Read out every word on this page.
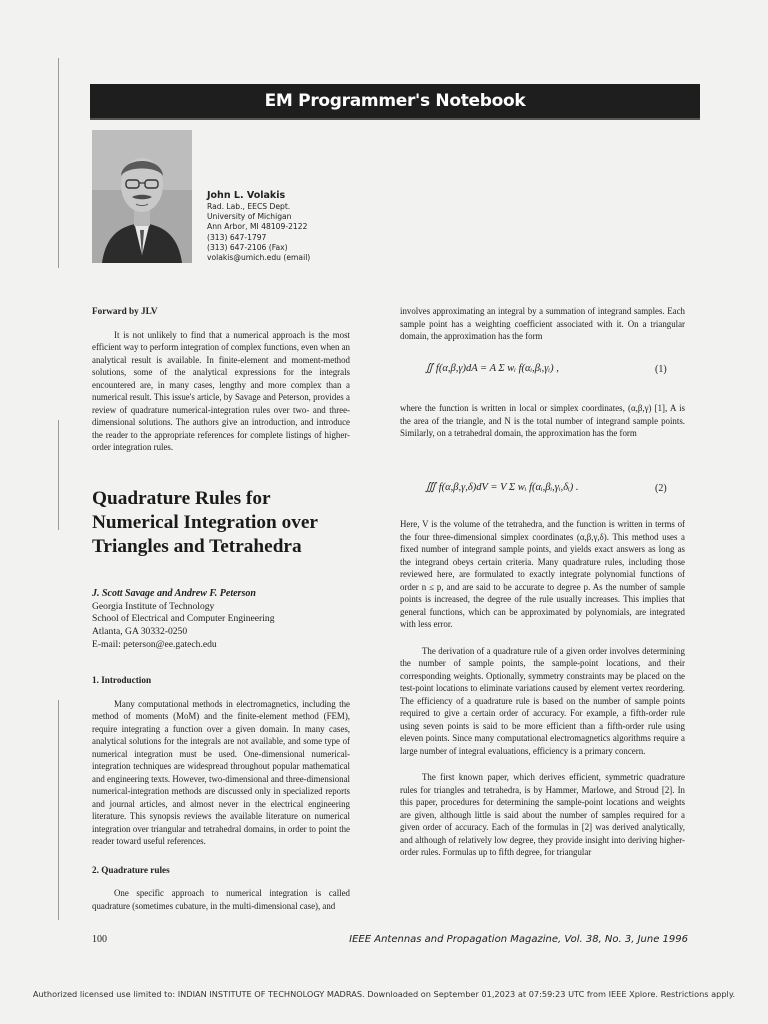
EM Programmer's Notebook
John L. Volakis
Rad. Lab., EECS Dept.
University of Michigan
Ann Arbor, MI 48109-2122
(313) 647-1797
(313) 647-2106 (Fax)
volakis@umich.edu (email)

Forward by JLV

It is not unlikely to find that a numerical approach is the most efficient way to perform integration of complex functions, even when an analytical result is available. In finite-element and moment-method solutions, some of the analytical expressions for the integrals encountered are, in many cases, lengthy and more complex than a numerical result. This issue's article, by Savage and Peterson, provides a review of quadrature numerical-integration rules over two- and three-dimensional solutions. The authors give an introduction, and introduce the reader to the appropriate references for complete listings of higher-order integration rules.

Quadrature Rules for
Numerical Integration over
Triangles and Tetrahedra
J. Scott Savage and Andrew F. Peterson
Georgia Institute of Technology
School of Electrical and Computer Engineering
Atlanta, GA 30332-0250
E-mail: peterson@ee.gatech.edu

1. Introduction

Many computational methods in electromagnetics, including the method of moments (MoM) and the finite-element method (FEM), require integrating a function over a given domain. In many cases, analytical solutions for the integrals are not available, and some type of numerical integration must be used. One-dimensional numerical-integration techniques are widespread throughout popular mathematical and engineering texts. However, two-dimensional and three-dimensional numerical-integration methods are discussed only in specialized reports and journal articles, and almost never in the electrical engineering literature. This synopsis reviews the available literature on numerical integration over triangular and tetrahedral domains, in order to point the reader toward useful references.

2. Quadrature rules

One specific approach to numerical integration is called quadrature (sometimes cubature, in the multi-dimensional case), and

involves approximating an integral by a summation of integrand samples. Each sample point has a weighting coefficient associated with it. On a triangular domain, the approximation has the form

∬ f(α,β,γ)dA = A Σ wᵢ f(αᵢ,βᵢ,γᵢ) ,	(1)

where the function is written in local or simplex coordinates, (α,β,γ) [1], A is the area of the triangle, and N is the total number of integrand sample points. Similarly, on a tetrahedral domain, the approximation has the form

∭ f(α,β,γ,δ)dV = V Σ wᵢ f(αᵢ,βᵢ,γᵢ,δᵢ) .	(2)

Here, V is the volume of the tetrahedra, and the function is written in terms of the four three-dimensional simplex coordinates (α,β,γ,δ). This method uses a fixed number of integrand sample points, and yields exact answers as long as the integrand obeys certain criteria. Many quadrature rules, including those reviewed here, are formulated to exactly integrate polynomial functions of order n ≤ p, and are said to be accurate to degree p. As the number of sample points is increased, the degree of the rule usually increases. This implies that general functions, which can be approximated by polynomials, are integrated with less error.

The derivation of a quadrature rule of a given order involves determining the number of sample points, the sample-point locations, and their corresponding weights. Optionally, symmetry constraints may be placed on the test-point locations to eliminate variations caused by element vertex reordering. The efficiency of a quadrature rule is based on the number of sample points required to give a certain order of accuracy. For example, a fifth-order rule using seven points is said to be more efficient than a fifth-order rule using eleven points. Since many computational electromagnetics algorithms require a large number of integral evaluations, efficiency is a primary concern.

The first known paper, which derives efficient, symmetric quadrature rules for triangles and tetrahedra, is by Hammer, Marlowe, and Stroud [2]. In this paper, procedures for determining the sample-point locations and weights are given, although little is said about the number of samples required for a given order of accuracy. Each of the formulas in [2] was derived analytically, and although of relatively low degree, they provide insight into deriving higher-order rules. Formulas up to fifth degree, for triangular

100	IEEE Antennas and Propagation Magazine, Vol. 38, No. 3, June 1996
Authorized licensed use limited to: INDIAN INSTITUTE OF TECHNOLOGY MADRAS. Downloaded on September 01,2023 at 07:59:23 UTC from IEEE Xplore. Restrictions apply.
